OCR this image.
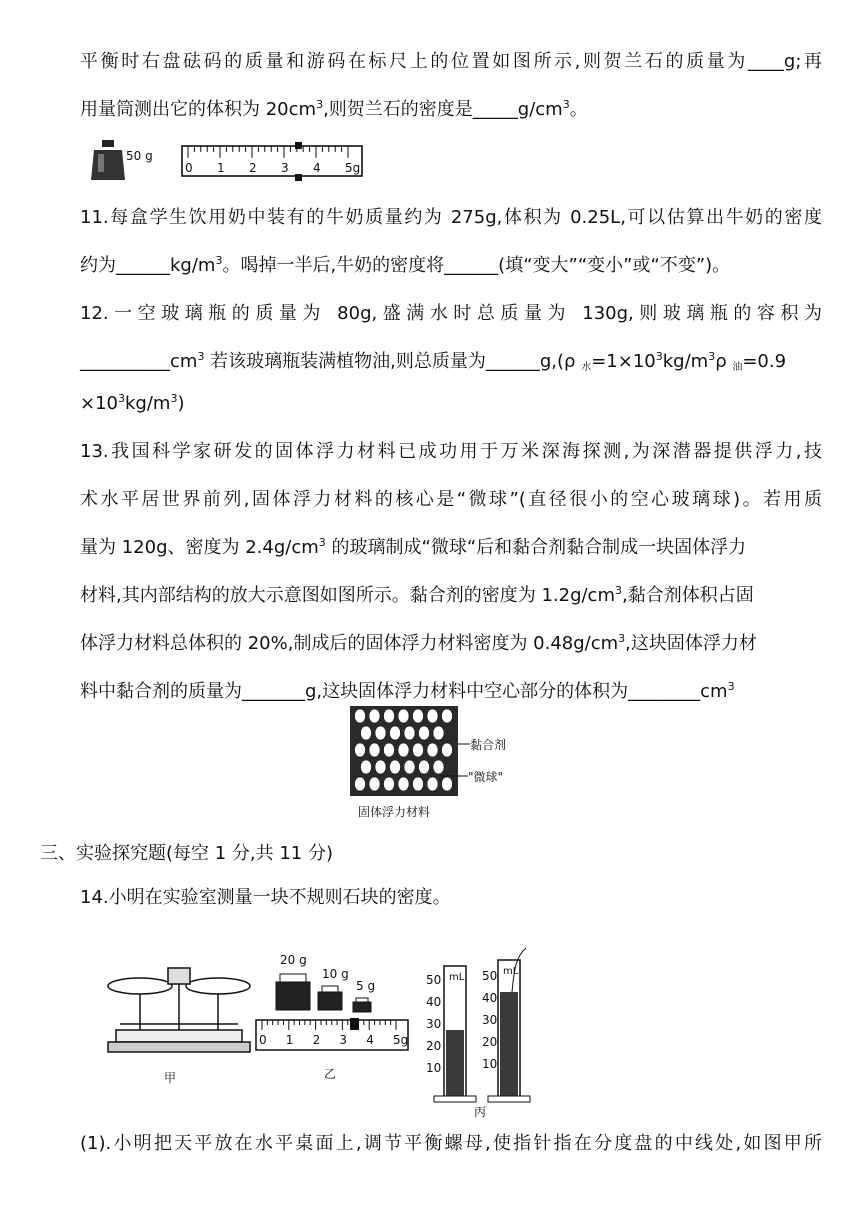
平衡时右盘砝码的质量和游码在标尺上的位置如图所示,则贺兰石的质量为____g;再
用量筒测出它的体积为 $20cm^3$,则贺兰石的密度是$\_\_\_\_\_g/cm^3$。
50 g
0 1 2 3 4 5g
11.每盒学生饮用奶中装有的牛奶质量约为 275g,体积为 0.25L,可以估算出牛奶的密度
约为$\_\_\_\_\_\_kg/m^3$。喝掉一半后,牛奶的密度将______(填“变大”“变小”或“不变”)。
12.一空玻璃瓶的质量为 80g,盛满水时总质量为 130g,则玻璃瓶的容积为
$\_\_\_\_\_\_\_\_\_\_cm^3$ 若该玻璃瓶装满植物油,则总质量为______g,(ρ $_水=1\times 10^3kg/m^3\rho$ $_油$=0.9
$\times 10^3kg/m^3$)
13.我国科学家研发的固体浮力材料已成功用于万米深海探测,为深潜器提供浮力,技
术水平居世界前列,固体浮力材料的核心是“微球”(直径很小的空心玻璃球)。若用质
量为 120g、密度为 $2.4g/cm^3$ 的玻璃制成“微球“后和黏合剂黏合制成一块固体浮力
材料,其内部结构的放大示意图如图所示。黏合剂的密度为 $1.2g/cm^3$,黏合剂体积占固
体浮力材料总体积的 20%,制成后的固体浮力材料密度为 $0.48g/cm^3$,这块固体浮力材
料中黏合剂的质量为_______g,这块固体浮力材料中空心部分的体积为$\_\_\_\_\_\_\_\_cm^3$
黏合剂
"微球"
固体浮力材料
三、实验探究题(每空 1 分,共 11 分)
14.小明在实验室测量一块不规则石块的密度。
甲
20 g
10 g
5 g
0 1 2 3 4 5g
乙
mL
mL
50
40
30
20
10
50
40
30
20
10
丙
(1).小明把天平放在水平桌面上,调节平衡螺母,使指针指在分度盘的中线处,如图甲所
